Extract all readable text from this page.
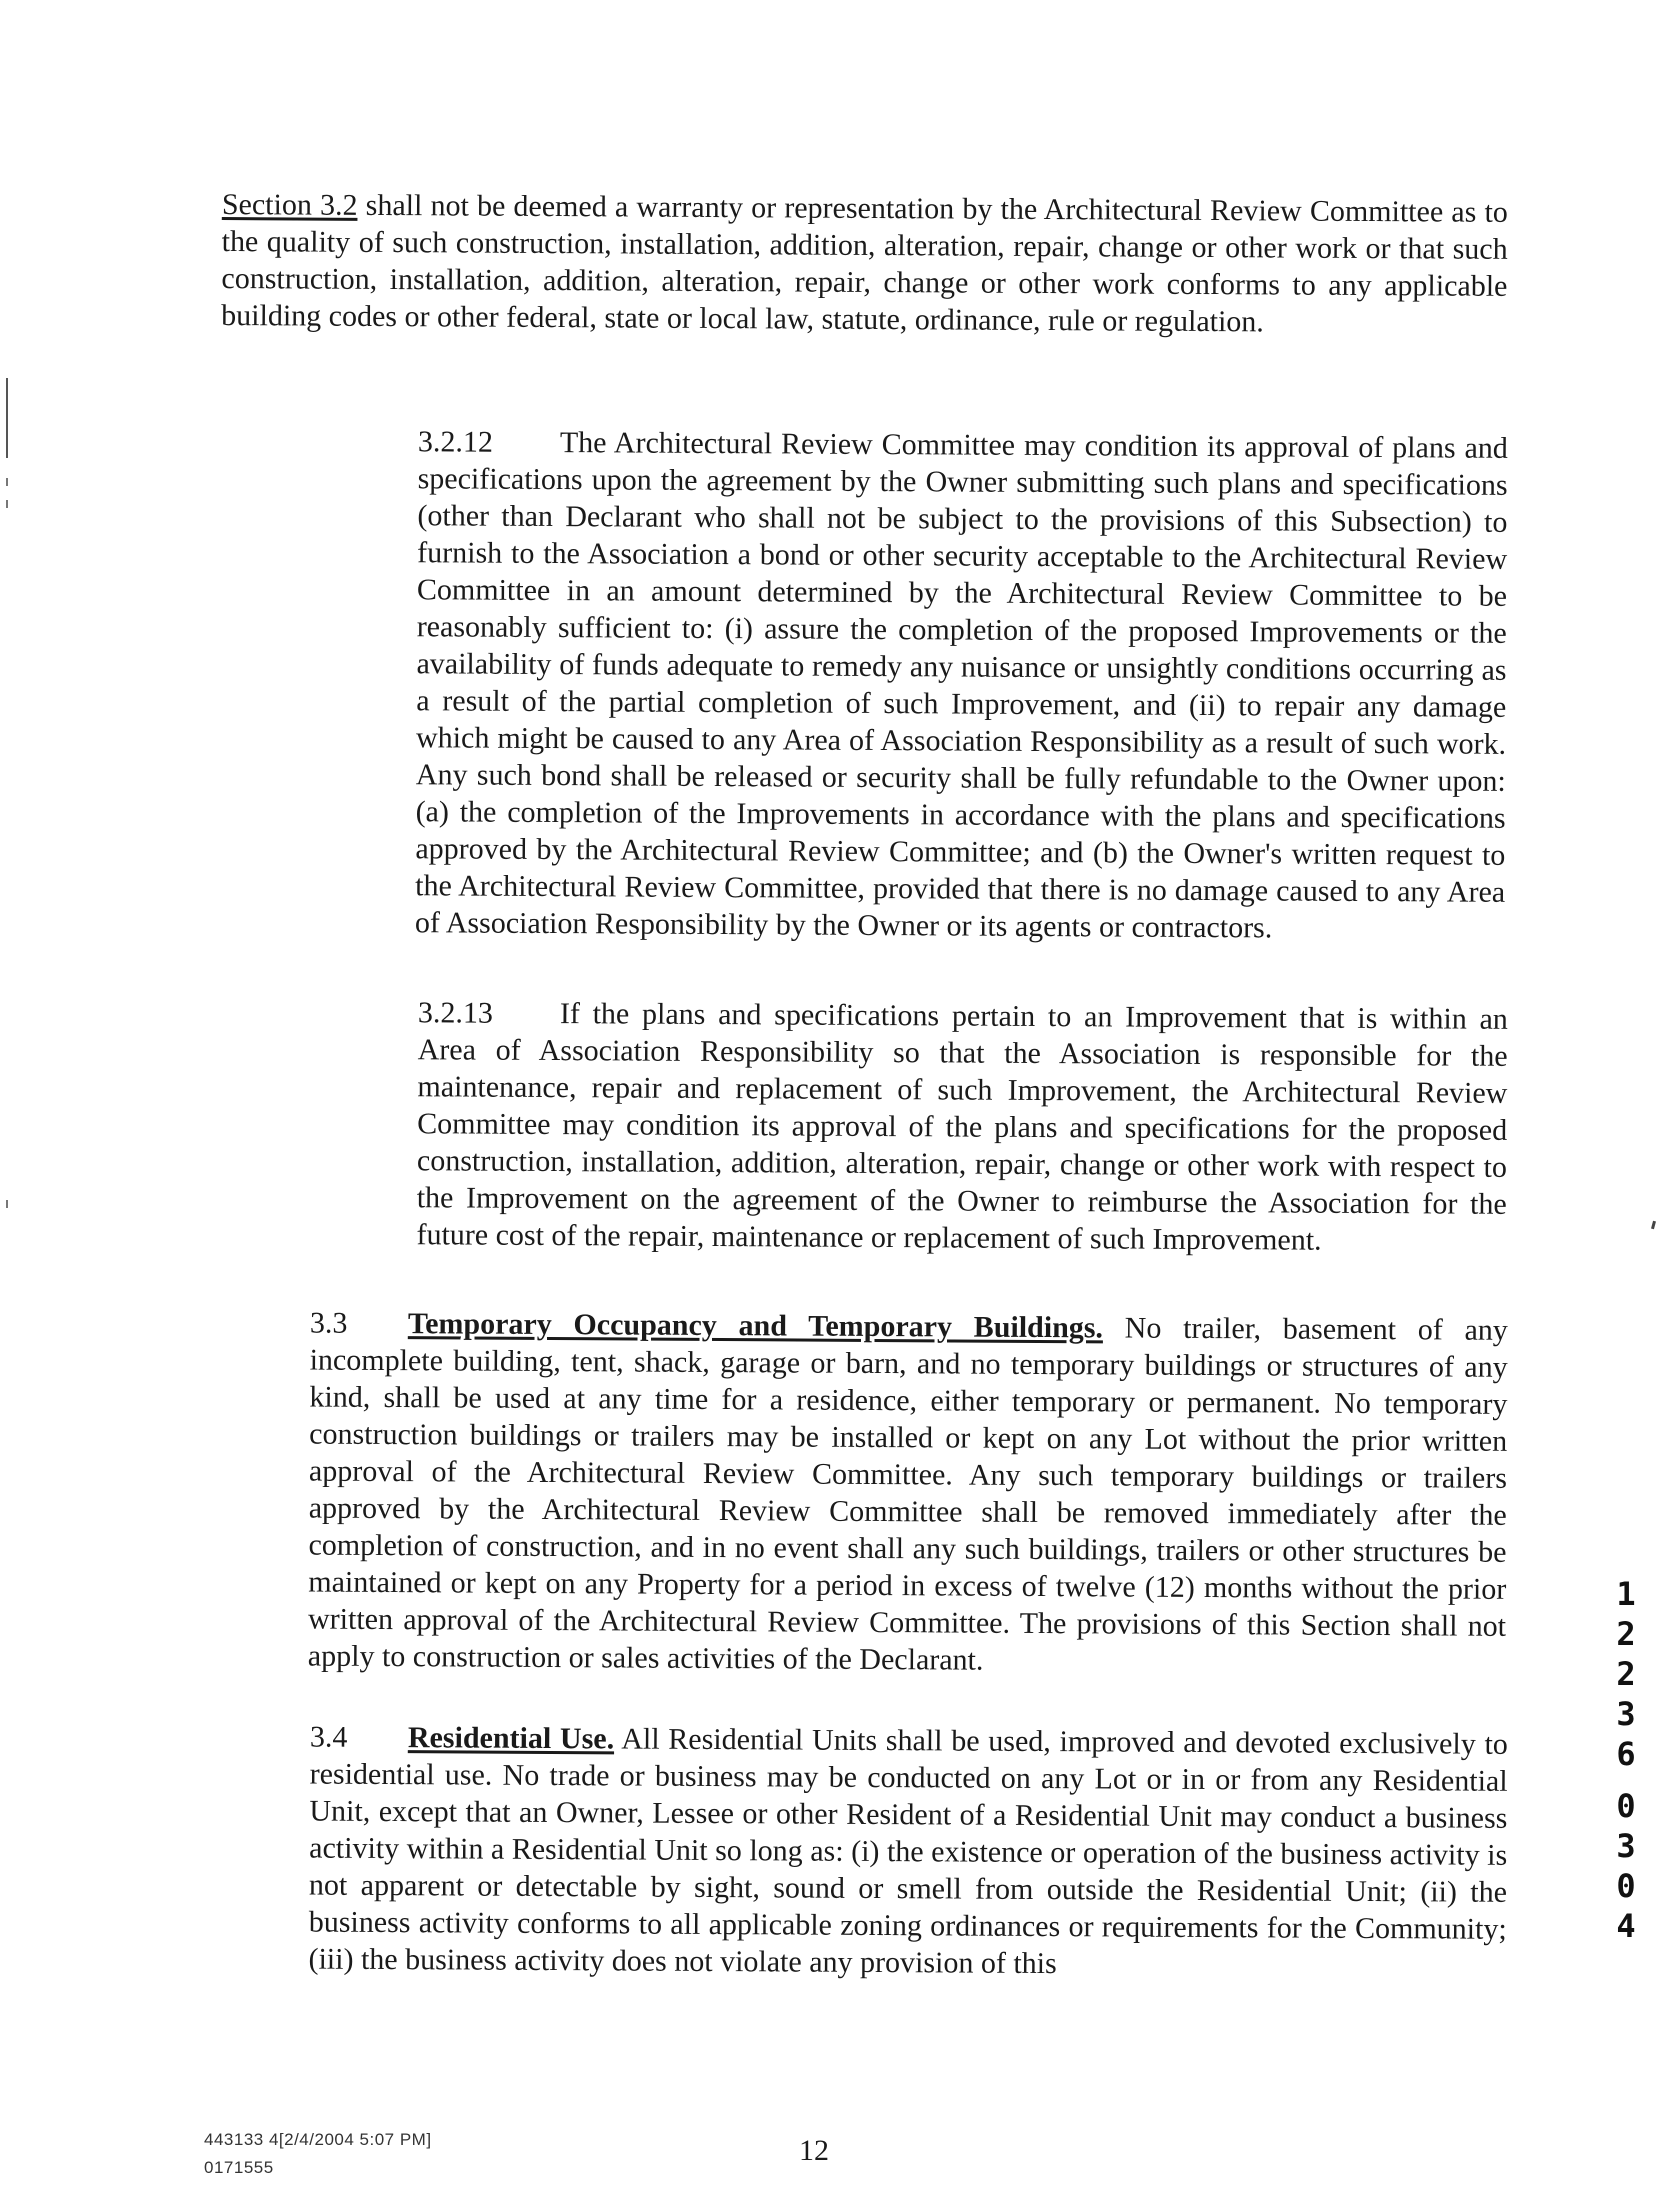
Section 3.2 shall not be deemed a warranty or representation by the Architectural Review Committee as to the quality of such construction, installation, addition, alteration, repair, change or other work or that such construction, installation, addition, alteration, repair, change or other work conforms to any applicable building codes or other federal, state or local law, statute, ordinance, rule or regulation.

3.2.12 The Architectural Review Committee may condition its approval of plans and specifications upon the agreement by the Owner submitting such plans and specifications (other than Declarant who shall not be subject to the provisions of this Subsection) to furnish to the Association a bond or other security acceptable to the Architectural Review Committee in an amount determined by the Architectural Review Committee to be reasonably sufficient to: (i) assure the completion of the proposed Improvements or the availability of funds adequate to remedy any nuisance or unsightly conditions occurring as a result of the partial completion of such Improvement, and (ii) to repair any damage which might be caused to any Area of Association Responsibility as a result of such work. Any such bond shall be released or security shall be fully refundable to the Owner upon: (a) the completion of the Improvements in accordance with the plans and specifications approved by the Architectural Review Committee; and (b) the Owner's written request to the Architectural Review Committee, provided that there is no damage caused to any Area of Association Responsibility by the Owner or its agents or contractors.

3.2.13 If the plans and specifications pertain to an Improvement that is within an Area of Association Responsibility so that the Association is responsible for the maintenance, repair and replacement of such Improvement, the Architectural Review Committee may condition its approval of the plans and specifications for the proposed construction, installation, addition, alteration, repair, change or other work with respect to the Improvement on the agreement of the Owner to reimburse the Association for the future cost of the repair, maintenance or replacement of such Improvement.

3.3 Temporary Occupancy and Temporary Buildings. No trailer, basement of any incomplete building, tent, shack, garage or barn, and no temporary buildings or structures of any kind, shall be used at any time for a residence, either temporary or permanent. No temporary construction buildings or trailers may be installed or kept on any Lot without the prior written approval of the Architectural Review Committee. Any such temporary buildings or trailers approved by the Architectural Review Committee shall be removed immediately after the completion of construction, and in no event shall any such buildings, trailers or other structures be maintained or kept on any Property for a period in excess of twelve (12) months without the prior written approval of the Architectural Review Committee. The provisions of this Section shall not apply to construction or sales activities of the Declarant.

3.4 Residential Use. All Residential Units shall be used, improved and devoted exclusively to residential use. No trade or business may be conducted on any Lot or in or from any Residential Unit, except that an Owner, Lessee or other Resident of a Residential Unit may conduct a business activity within a Residential Unit so long as: (i) the existence or operation of the business activity is not apparent or detectable by sight, sound or smell from outside the Residential Unit; (ii) the business activity conforms to all applicable zoning ordinances or requirements for the Community; (iii) the business activity does not violate any provision of this

443133 4[2/4/2004 5:07 PM]
0171555
12
1
2
2
3
6
0
3
0
4
